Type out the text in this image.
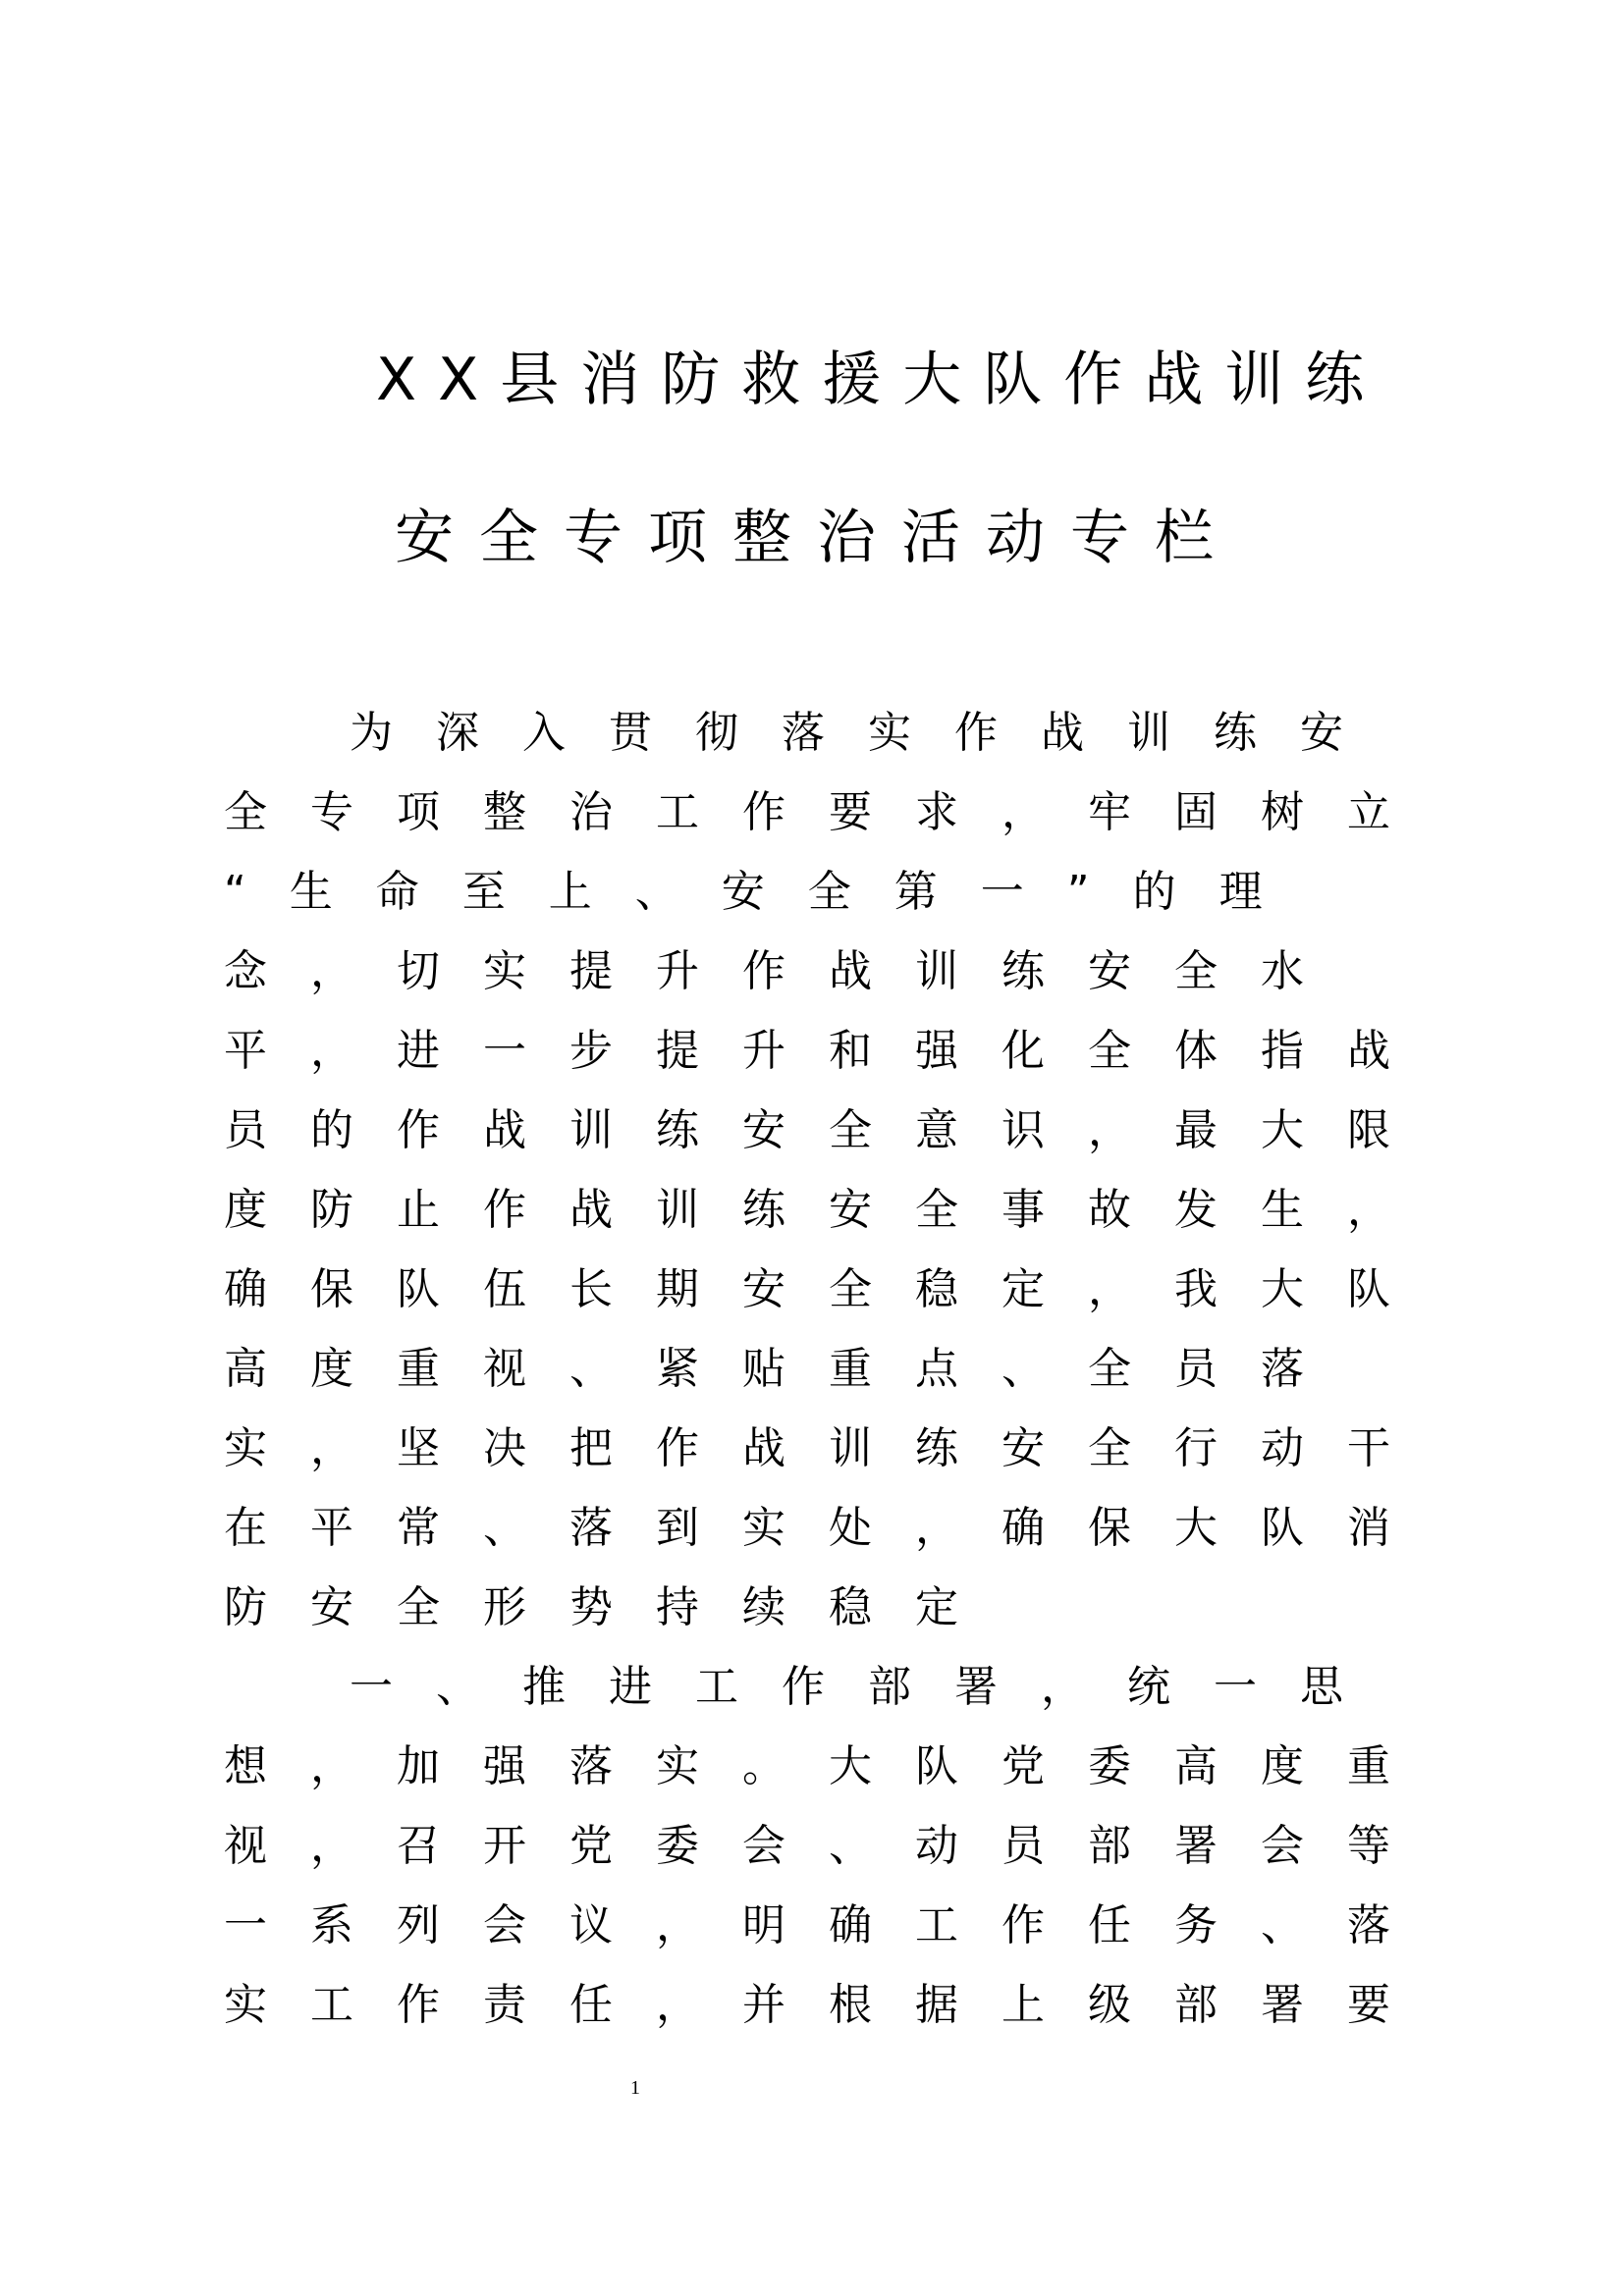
XX县消防救援大队作战训练
安全专项整治活动专栏
为深入贯彻落实作战训练安
全专项整治工作要求，牢固树立
“生命至上、安全第一”的理
念，切实提升作战训练安全水
平，进一步提升和强化全体指战
员的作战训练安全意识，最大限
度防止作战训练安全事故发生，
确保队伍长期安全稳定，我大队
高度重视、紧贴重点、全员落
实，坚决把作战训练安全行动干
在平常、落到实处，确保大队消
防安全形势持续稳定
一、推进工作部署，统一思
想，加强落实。大队党委高度重
视，召开党委会、动员部署会等
一系列会议，明确工作任务、落
实工作责任，并根据上级部署要
1
